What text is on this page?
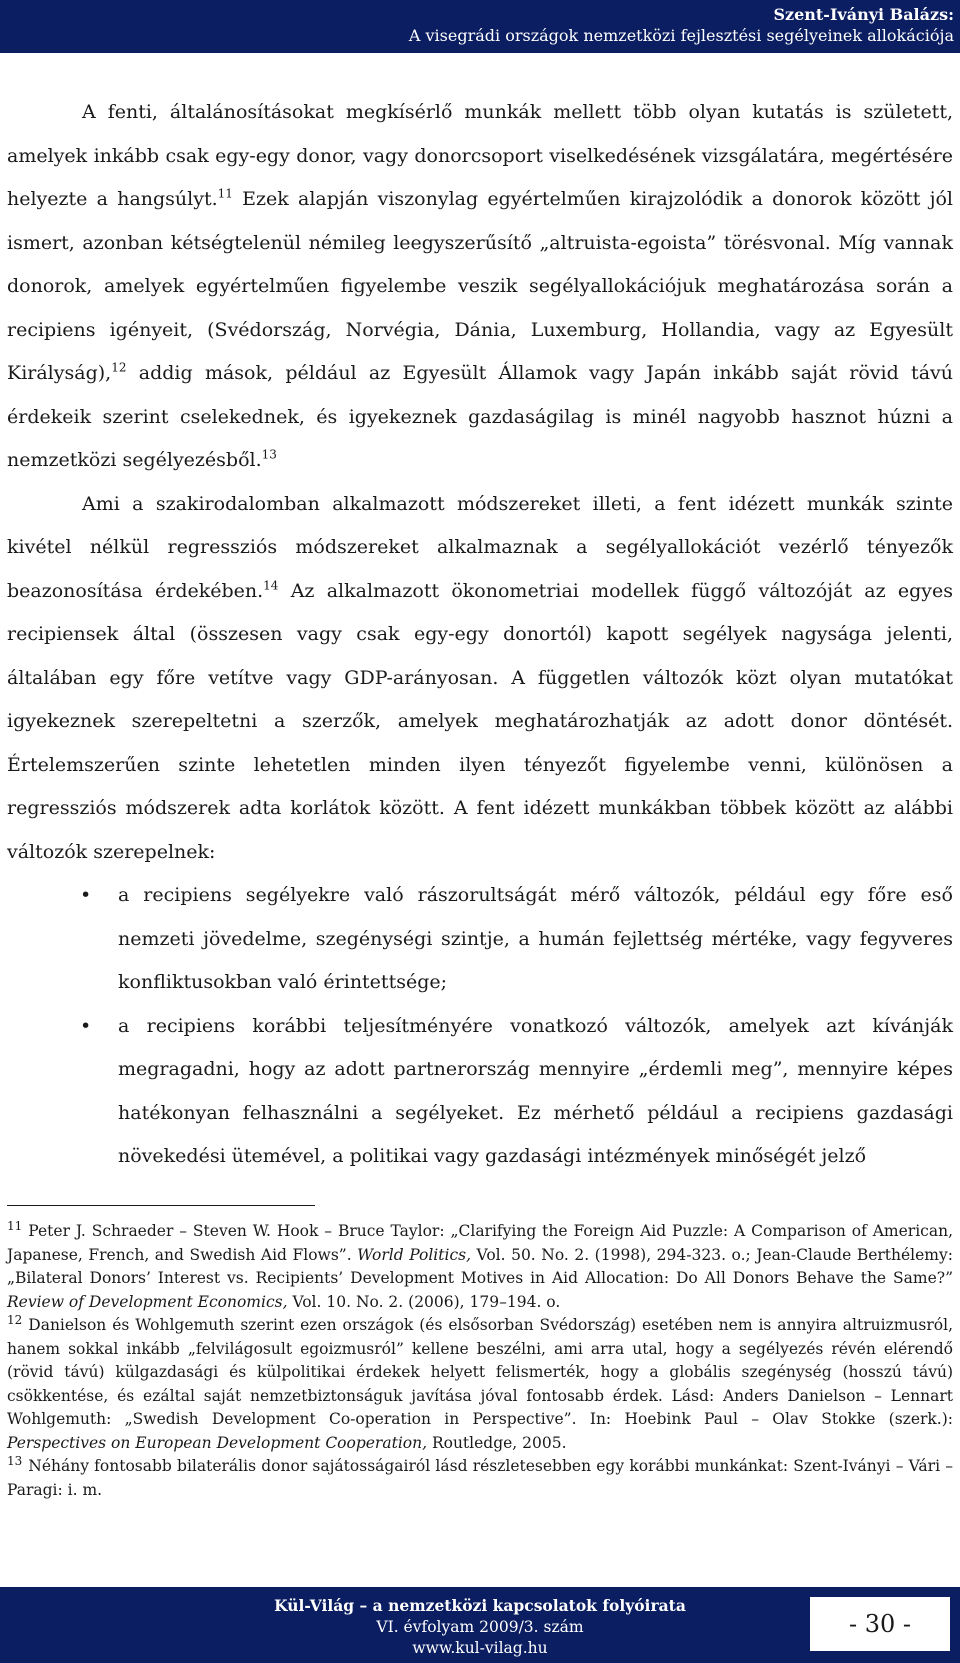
Szent-Iványi Balázs:
A visegrádi országok nemzetközi fejlesztési segélyeinek allokációja

A fenti, általánosításokat megkísérlő munkák mellett több olyan kutatás is született, amelyek inkább csak egy-egy donor, vagy donorcsoport viselkedésének vizsgálatára, megértésére helyezte a hangsúlyt.$^{11}$ Ezek alapján viszonylag egyértelműen kirajzolódik a donorok között jól ismert, azonban kétségtelenül némileg leegyszerűsítő „altruista-egoista” törésvonal. Míg vannak donorok, amelyek egyértelműen figyelembe veszik segélyallokációjuk meghatározása során a recipiens igényeit, (Svédország, Norvégia, Dánia, Luxemburg, Hollandia, vagy az Egyesült Királyság),$^{12}$ addig mások, például az Egyesült Államok vagy Japán inkább saját rövid távú érdekeik szerint cselekednek, és igyekeznek gazdaságilag is minél nagyobb hasznot húzni a nemzetközi segélyezésből.$^{13}$

Ami a szakirodalomban alkalmazott módszereket illeti, a fent idézett munkák szinte kivétel nélkül regressziós módszereket alkalmaznak a segélyallokációt vezérlő tényezők beazonosítása érdekében.$^{14}$ Az alkalmazott ökonometriai modellek függő változóját az egyes recipiensek által (összesen vagy csak egy-egy donortól) kapott segélyek nagysága jelenti, általában egy főre vetítve vagy GDP-arányosan. A független változók közt olyan mutatókat igyekeznek szerepeltetni a szerzők, amelyek meghatározhatják az adott donor döntését. Értelemszerűen szinte lehetetlen minden ilyen tényezőt figyelembe venni, különösen a regressziós módszerek adta korlátok között. A fent idézett munkákban többek között az alábbi változók szerepelnek:

• a recipiens segélyekre való rászorultságát mérő változók, például egy főre eső nemzeti jövedelme, szegénységi szintje, a humán fejlettség mértéke, vagy fegyveres konfliktusokban való érintettsége;
• a recipiens korábbi teljesítményére vonatkozó változók, amelyek azt kívánják megragadni, hogy az adott partnerország mennyire „érdemli meg”, mennyire képes hatékonyan felhasználni a segélyeket. Ez mérhető például a recipiens gazdasági növekedési ütemével, a politikai vagy gazdasági intézmények minőségét jelző

$^{11}$ Peter J. Schraeder – Steven W. Hook – Bruce Taylor: „Clarifying the Foreign Aid Puzzle: A Comparison of American, Japanese, French, and Swedish Aid Flows”. World Politics, Vol. 50. No. 2. (1998), 294-323. o.; Jean-Claude Berthélemy: „Bilateral Donors’ Interest vs. Recipients’ Development Motives in Aid Allocation: Do All Donors Behave the Same?” Review of Development Economics, Vol. 10. No. 2. (2006), 179–194. o.

$^{12}$ Danielson és Wohlgemuth szerint ezen országok (és elsősorban Svédország) esetében nem is annyira altruizmusról, hanem sokkal inkább „felvilágosult egoizmusról” kellene beszélni, ami arra utal, hogy a segélyezés révén elérendő (rövid távú) külgazdasági és külpolitikai érdekek helyett felismerték, hogy a globális szegénység (hosszú távú) csökkentése, és ezáltal saját nemzetbiztonságuk javítása jóval fontosabb érdek. Lásd: Anders Danielson – Lennart Wohlgemuth: „Swedish Development Co-operation in Perspective”. In: Hoebink Paul – Olav Stokke (szerk.): Perspectives on European Development Cooperation, Routledge, 2005.

$^{13}$ Néhány fontosabb bilaterális donor sajátosságairól lásd részletesebben egy korábbi munkánkat: Szent-Iványi – Vári – Paragi: i. m.

Kül-Világ – a nemzetközi kapcsolatok folyóirata
VI. évfolyam 2009/3. szám
www.kul-vilag.hu
- 30 -
